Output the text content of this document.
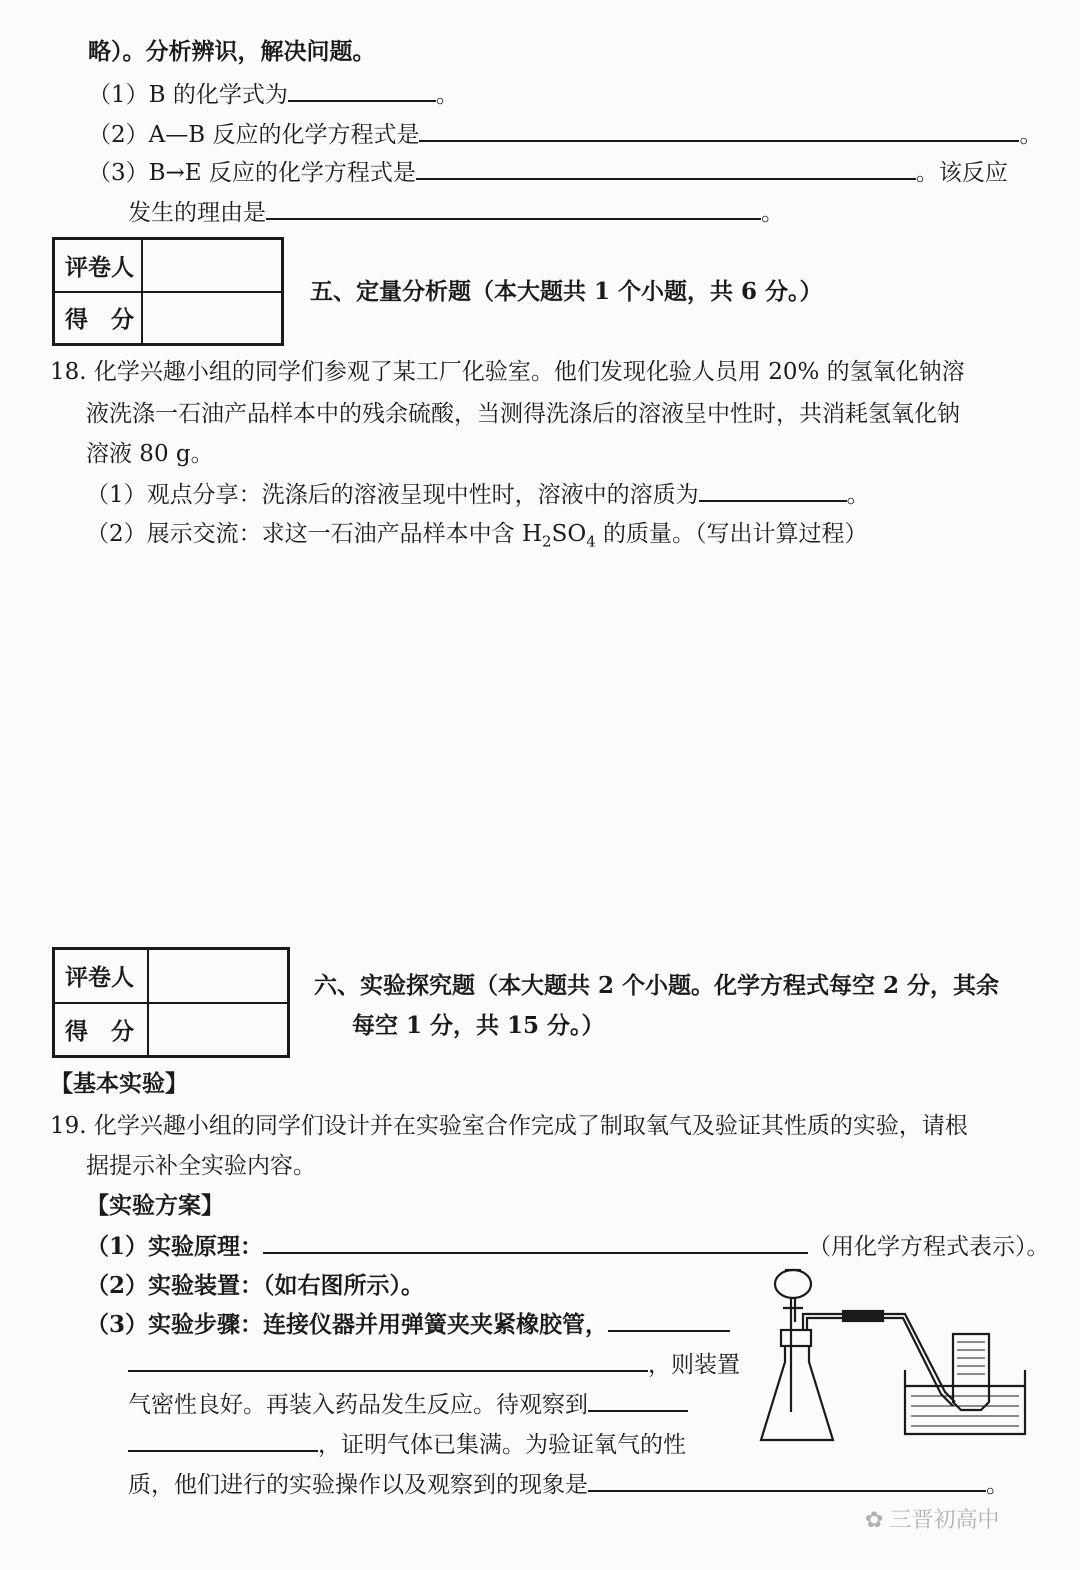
略）。分析辨识，解决问题。
（1）B 的化学式为	。
（2）A—B 反应的化学方程式是	。
（3）B→E 反应的化学方程式是	。该反应
发生的理由是	。
评卷人	
得　分	
五、定量分析题（本大题共 1 个小题，共 6 分。）
18. 化学兴趣小组的同学们参观了某工厂化验室。他们发现化验人员用 20% 的氢氧化钠溶
液洗涤一石油产品样本中的残余硫酸，当测得洗涤后的溶液呈中性时，共消耗氢氧化钠
溶液 80 g。
（1）观点分享：洗涤后的溶液呈现中性时，溶液中的溶质为	。
（2）展示交流：求这一石油产品样本中含 $H_2SO_4$ 的质量。（写出计算过程）
评卷人	
得　分	
六、实验探究题（本大题共 2 个小题。化学方程式每空 2 分，其余
每空 1 分，共 15 分。）
【基本实验】
19. 化学兴趣小组的同学们设计并在实验室合作完成了制取氧气及验证其性质的实验，请根
据提示补全实验内容。
【实验方案】
（1）实验原理：	（用化学方程式表示）。
（2）实验装置：（如右图所示）。
（3）实验步骤：连接仪器并用弹簧夹夹紧橡胶管，
，则装置
气密性良好。再装入药品发生反应。待观察到
，证明气体已集满。为验证氧气的性
质，他们进行的实验操作以及观察到的现象是	。
✿ 三晋初高中
